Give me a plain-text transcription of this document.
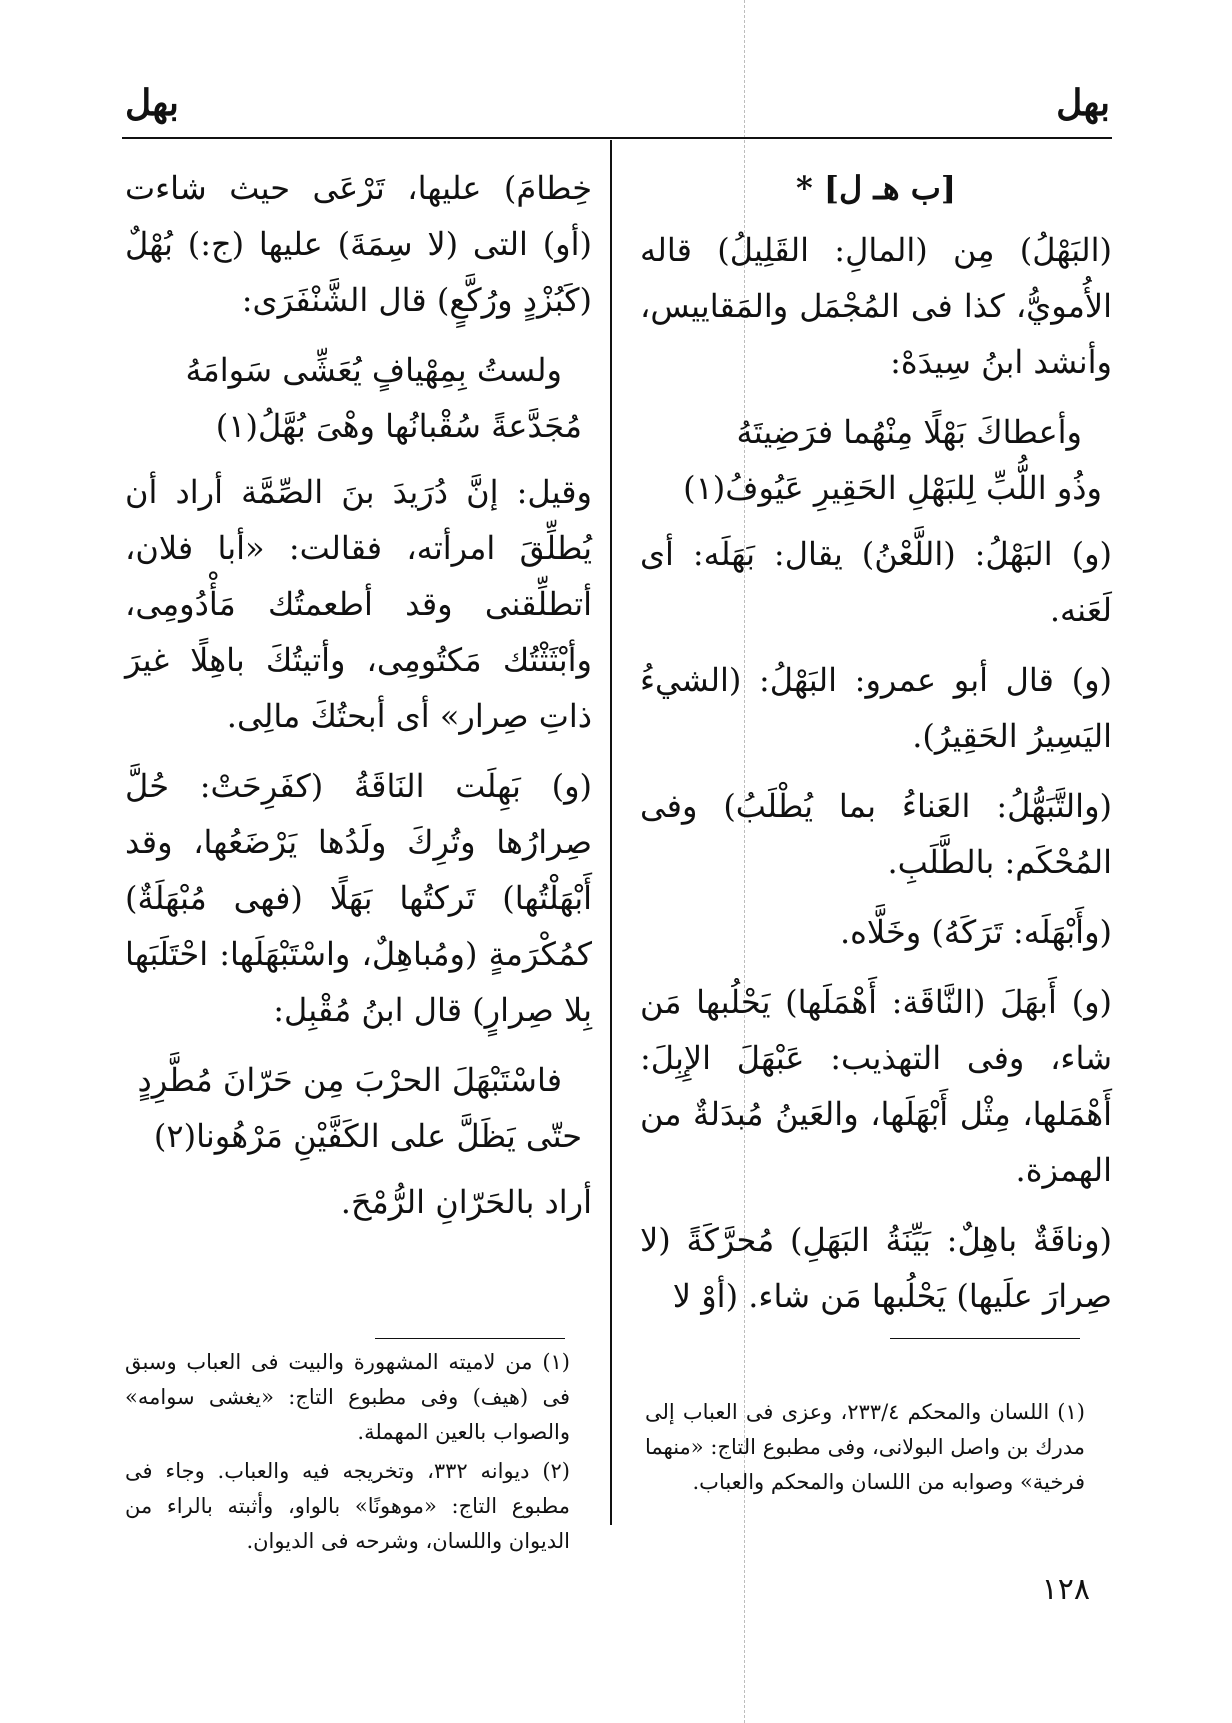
بهل
بهل

[ب هـ ل] *

(البَهْلُ) مِن (المالِ: القَلِيلُ) قاله الأُمويُّ، كذا فى المُجْمَل والمَقاييس، وأنشد ابنُ سِيدَهْ:

وأعطاكَ بَهْلًا مِنْهُما فرَضِيتَهُ
وذُو اللُّبِّ لِلبَهْلِ الحَقِيرِ عَيُوفُ(١)

(و) البَهْلُ: (اللَّعْنُ) يقال: بَهَلَه: أى لَعَنه.

(و) قال أبو عمرو: البَهْلُ: (الشيءُ اليَسِيرُ الحَقِيرُ).

(والتَّبَهُّلُ: العَناءُ بما يُطْلَبُ) وفى المُحْكَم: بالطَّلَبِ.

(وأَبْهَلَه: تَرَكَهُ) وخَلَّاه.

(و) أَبهَلَ (النَّاقَة: أَهْمَلَها) يَحْلُبها مَن شاء، وفى التهذيب: عَبْهَلَ الإِبِلَ: أَهْمَلها، مِثْل أَبْهَلَها، والعَينُ مُبدَلةٌ من الهمزة.

(وناقَةٌ باهِلٌ: بَيِّنَةُ البَهَلِ) مُحرَّكَةً (لا صِرارَ علَيها) يَحْلُبها مَن شاء. (أوْ لا

خِطامَ) عليها، تَرْعَى حيث شاءت (أو) التى (لا سِمَةَ) عليها (ج:) بُهْلٌ (كَبُزْدٍ ورُكَّعٍ) قال الشَّنْفَرَى:

ولستُ بِمِهْيافٍ يُعَشِّى سَوامَهُ
مُجَدَّعةً سُقْبانُها وهْىَ بُهَّلُ(١)

وقيل: إنَّ دُرَيدَ بنَ الصِّمَّة أراد أن يُطلِّقَ امرأته، فقالت: «أبا فلان، أتطلِّقنى وقد أطعمتُك مَأْدُومِى، وأبْثَثْتُك مَكتُومِى، وأتيتُكَ باهِلًا غيرَ ذاتِ صِرار» أى أبحتُكَ مالِى.

(و) بَهِلَت النَاقَةُ (كفَرِحَتْ: حُلَّ صِرارُها وتُرِكَ ولَدُها يَرْضَعُها، وقد أَبْهَلْتُها) تَركتُها بَهَلًا (فهى مُبْهَلَةٌ) كمُكْرَمةٍ (ومُباهِلٌ، واسْتَبْهَلَها: احْتَلَبَها بِلا صِرارٍ) قال ابنُ مُقْبِل:

فاسْتَبْهَلَ الحرْبَ مِن حَرّانَ مُطَّرِدٍ
حتّى يَظَلَّ على الكَفَّيْنِ مَرْهُونا(٢)

أراد بالحَرّانِ الرُّمْحَ.

(١) اللسان والمحكم ٢٣٣/٤، وعزى فى العباب إلى مدرك بن واصل البولانى، وفى مطبوع التاج: «منهما فرخية» وصوابه من اللسان والمحكم والعباب.

(١) من لاميته المشهورة والبيت فى العباب وسبق فى (هيف) وفى مطبوع التاج: «يغشى سوامه» والصواب بالعين المهملة.

(٢) ديوانه ٣٣٢، وتخريجه فيه والعباب. وجاء فى مطبوع التاج: «موهونًا» بالواو، وأثبته بالراء من الديوان واللسان، وشرحه فى الديوان.

١٢٨
